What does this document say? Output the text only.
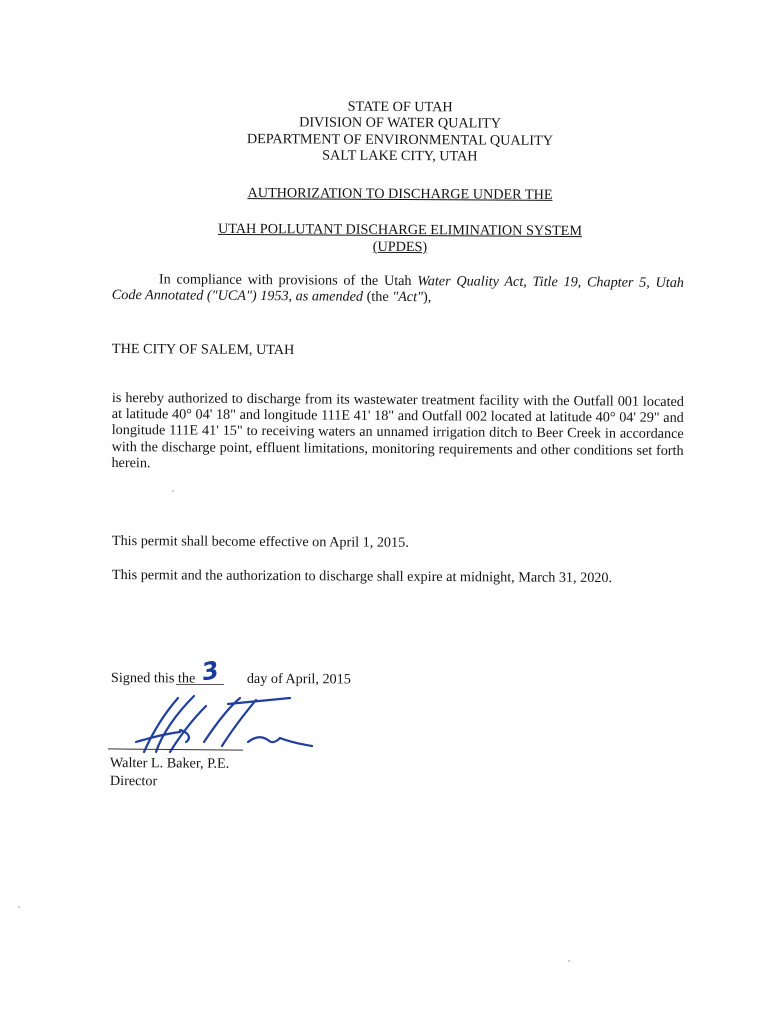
STATE OF UTAH
DIVISION OF WATER QUALITY
DEPARTMENT OF ENVIRONMENTAL QUALITY
SALT LAKE CITY, UTAH
AUTHORIZATION TO DISCHARGE UNDER THE
UTAH POLLUTANT DISCHARGE ELIMINATION SYSTEM
(UPDES)
In compliance with provisions of the Utah Water Quality Act, Title 19, Chapter 5, Utah Code Annotated ("UCA") 1953, as amended (the "Act"),
THE CITY OF SALEM, UTAH
is hereby authorized to discharge from its wastewater treatment facility with the Outfall 001 located at latitude 40° 04' 18" and longitude 111E 41' 18" and Outfall 002 located at latitude 40° 04' 29" and longitude 111E 41' 15" to receiving waters an unnamed irrigation ditch to Beer Creek in accordance with the discharge point, effluent limitations, monitoring requirements and other conditions set forth herein.
This permit shall become effective on April 1, 2015.
This permit and the authorization to discharge shall expire at midnight, March 31, 2020.
Signed this the	day of April, 2015
3
Walter L. Baker, P.E.
Director
